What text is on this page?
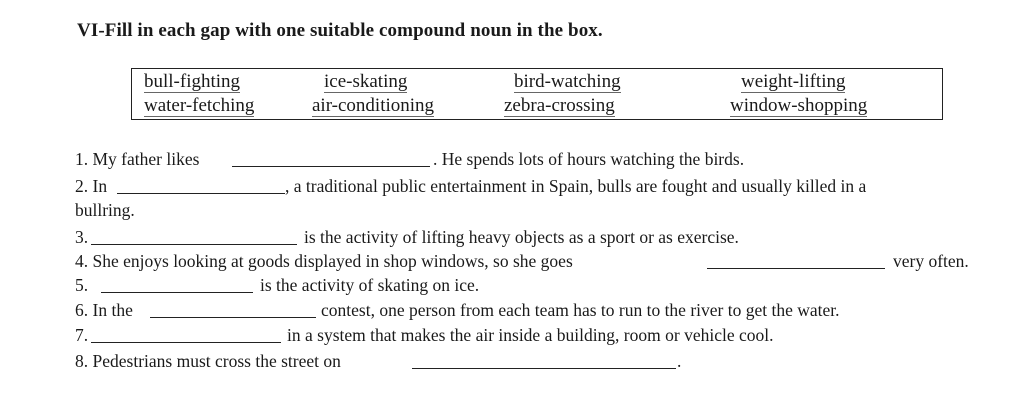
VI-Fill in each gap with one suitable compound noun in the box.
bull-fighting	ice-skating	bird-watching	weight-lifting
water-fetching	air-conditioning	zebra-crossing	window-shopping
1. My father likes	. He spends lots of hours watching the birds.
2. In	, a traditional public entertainment in Spain, bulls are fought and usually killed in a
bullring.
3.	is the activity of lifting heavy objects as a sport or as exercise.
4. She enjoys looking at goods displayed in shop windows, so she goes	very often.
5.	is the activity of skating on ice.
6. In the	contest, one person from each team has to run to the river to get the water.
7.	in a system that makes the air inside a building, room or vehicle cool.
8. Pedestrians must cross the street on	.
